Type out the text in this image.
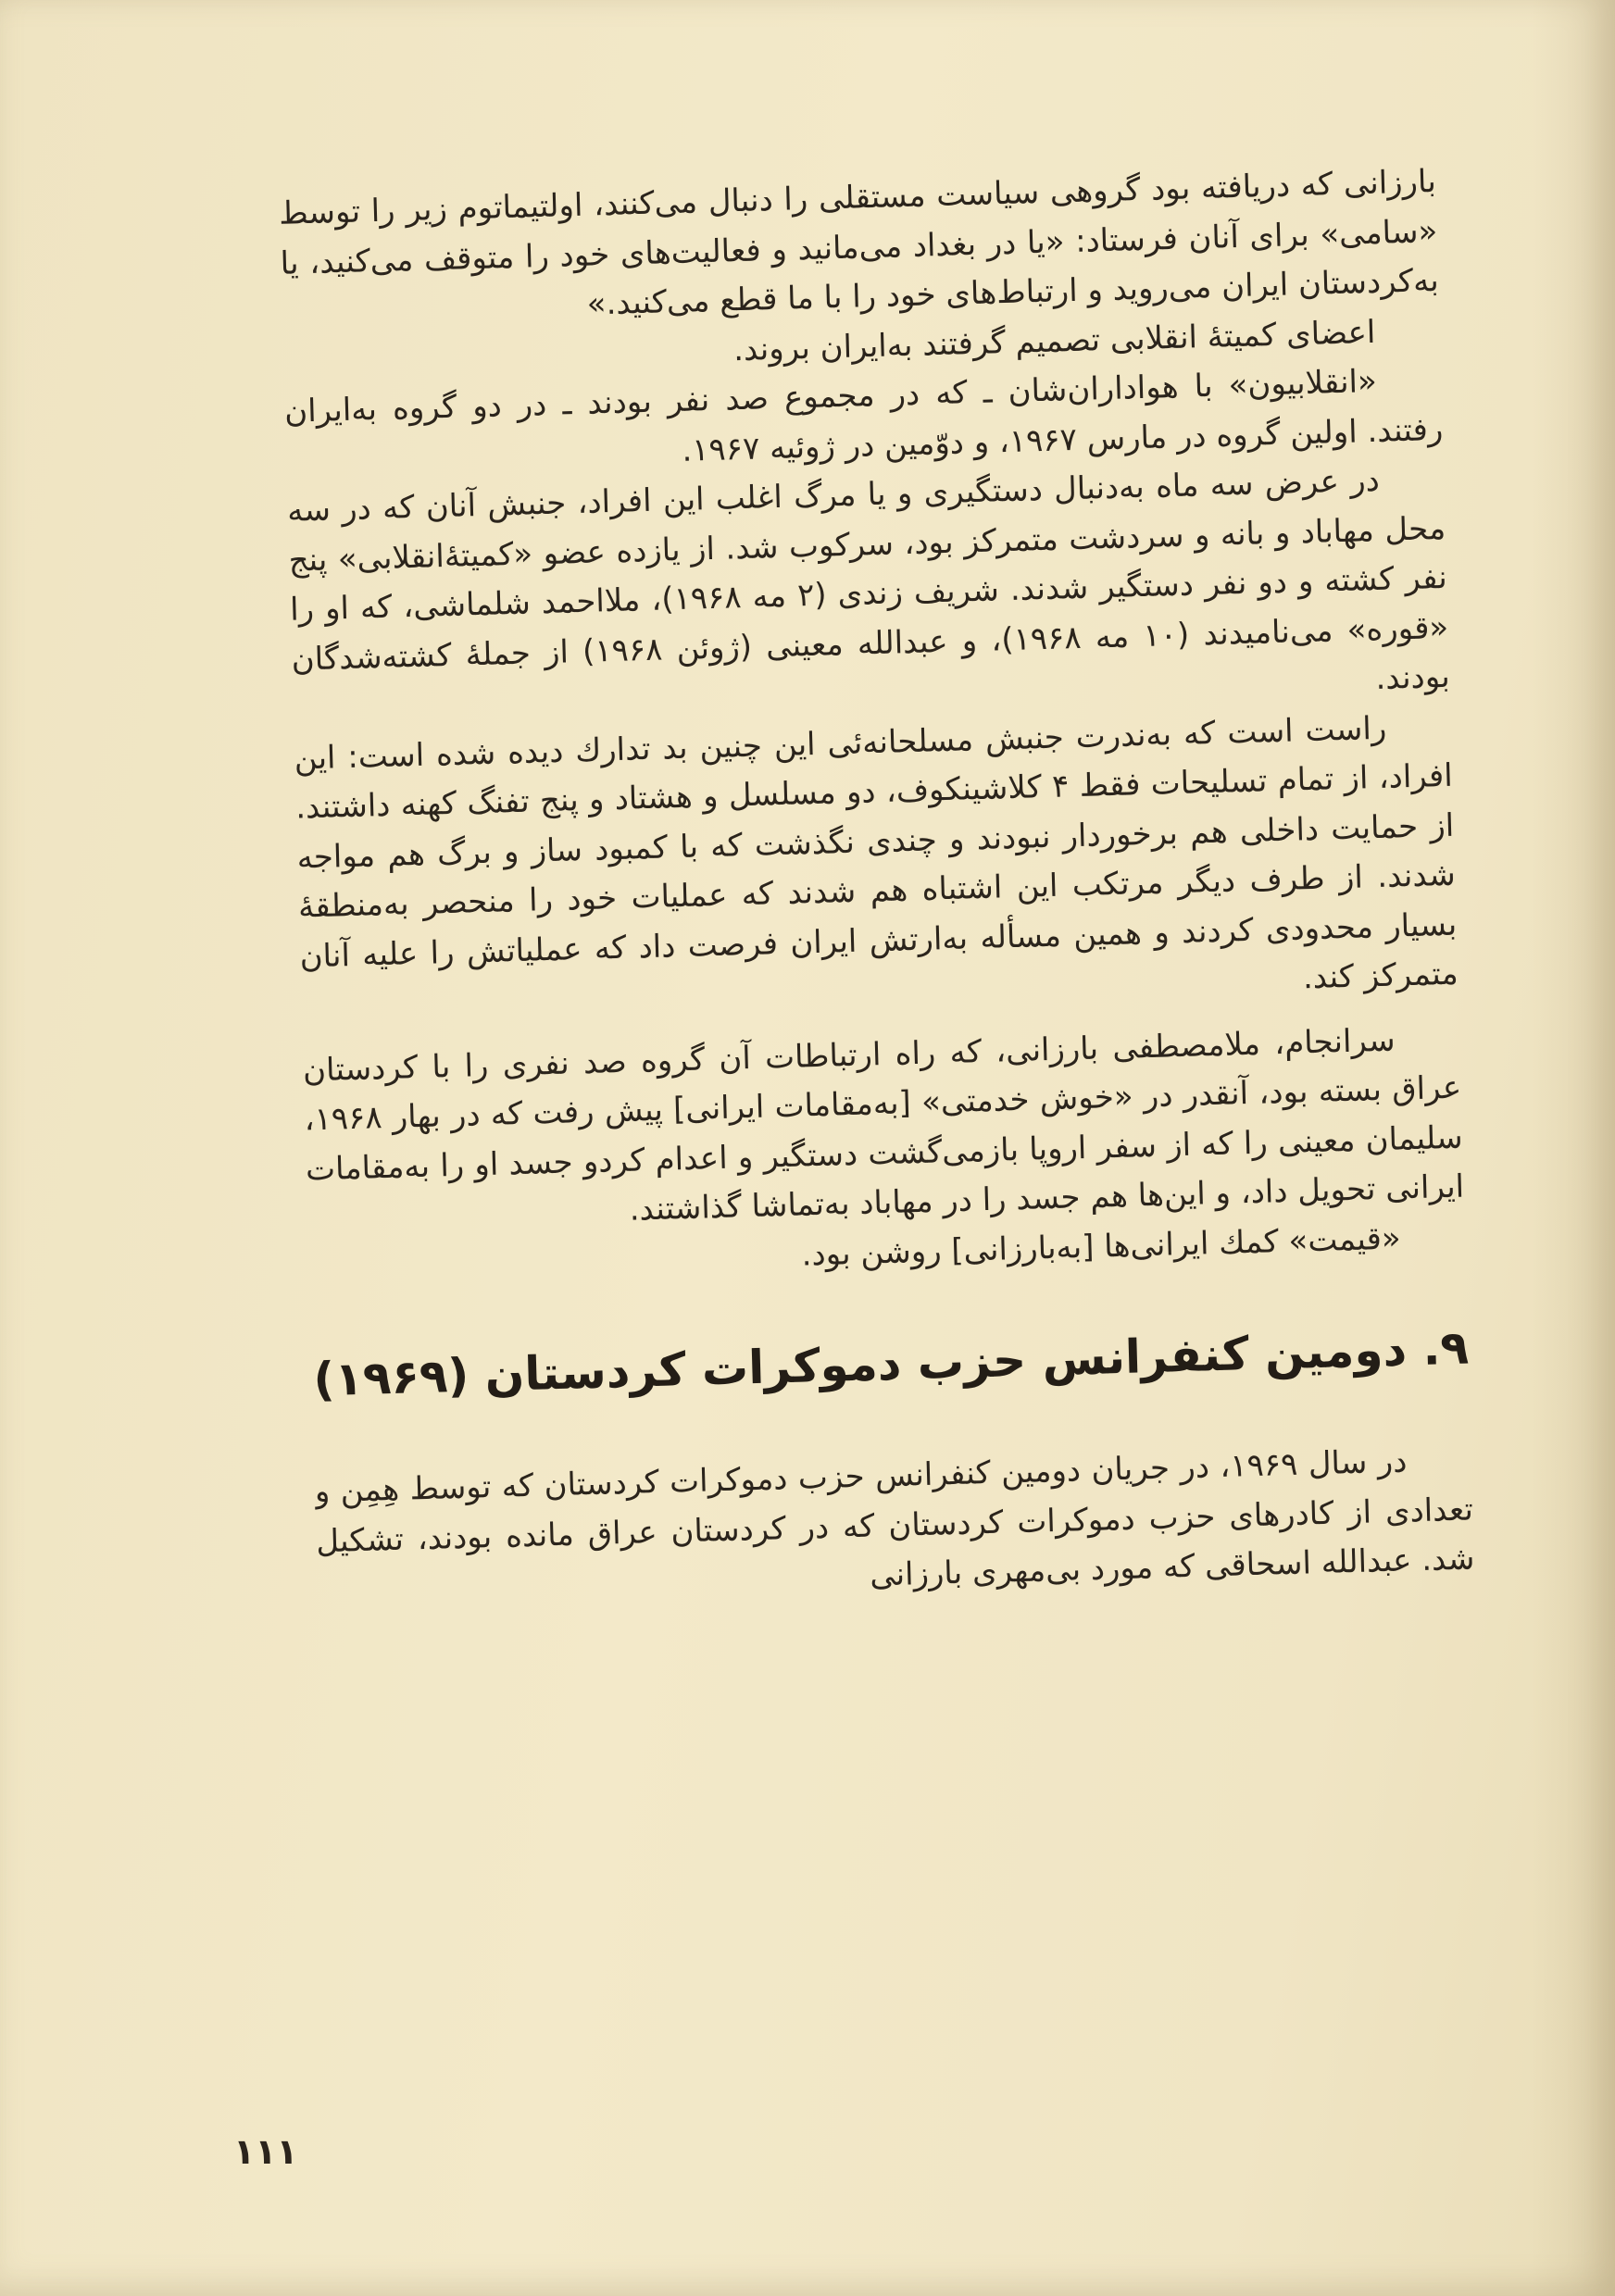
بارزانی که دریافته بود گروهی سیاست مستقلی را دنبال می‌کنند، اولتیماتوم زیر را توسط «سامی» برای آنان فرستاد: «یا در بغداد می‌مانید و فعالیت‌های خود را متوقف می‌کنید، یا به‌کردستان ایران می‌روید و ارتباط‌های خود را با ما قطع می‌کنید.»

اعضای کمیتهٔ انقلابی تصمیم گرفتند به‌ایران بروند.

«انقلابیون» با هواداران‌شان ـ که در مجموع صد نفر بودند ـ در دو گروه به‌ایران رفتند. اولین گروه در مارس ۱۹۶۷، و دوّمین در ژوئیه ۱۹۶۷.

در عرض سه ماه به‌دنبال دستگیری و یا مرگ اغلب این افراد، جنبش آنان که در سه محل مهاباد و بانه و سردشت متمرکز بود، سرکوب شد. از یازده عضو «کمیتهٔ‌انقلابی» پنج نفر کشته و دو نفر دستگیر شدند. شریف زندی (۲ مه ۱۹۶۸)، ملااحمد شلماشی، که او را «قوره» می‌نامیدند (۱۰ مه ۱۹۶۸)، و عبدالله معینی (ژوئن ۱۹۶۸) از جملهٔ کشته‌شدگان بودند.

راست است که به‌ندرت جنبش مسلحانه‌ئی این چنین بد تدارك دیده شده است: این افراد، از تمام تسلیحات فقط ۴ کلاشینکوف، دو مسلسل و هشتاد و پنج تفنگ کهنه داشتند. از حمایت داخلی هم برخوردار نبودند و چندی نگذشت که با کمبود ساز و برگ هم مواجه شدند. از طرف دیگر مرتکب این اشتباه هم شدند که عملیات خود را منحصر به‌منطقهٔ بسیار محدودی کردند و همین مسأله به‌ارتش ایران فرصت داد که عملیاتش را علیه آنان متمرکز کند.

سرانجام، ملامصطفی بارزانی، که راه ارتباطات آن گروه صد نفری را با کردستان عراق بسته بود، آنقدر در «خوش خدمتی» [به‌مقامات ایرانی] پیش رفت که در بهار ۱۹۶۸، سلیمان معینی را که از سفر اروپا بازمی‌گشت دستگیر و اعدام کردو جسد او را به‌مقامات ایرانی تحویل داد، و این‌ها هم جسد را در مهاباد به‌تماشا گذاشتند.

«قیمت» کمك ایرانی‌ها [به‌بارزانی] روشن بود.

۹. دومین کنفرانس حزب دموکرات کردستان (۱۹۶۹)

در سال ۱۹۶۹، در جریان دومین کنفرانس حزب دموکرات کردستان که توسط هِمِن و تعدادی از کادرهای حزب دموکرات کردستان که در کردستان عراق مانده بودند، تشکیل شد. عبدالله اسحاقی که مورد بی‌مهری بارزانی

۱۱۱
